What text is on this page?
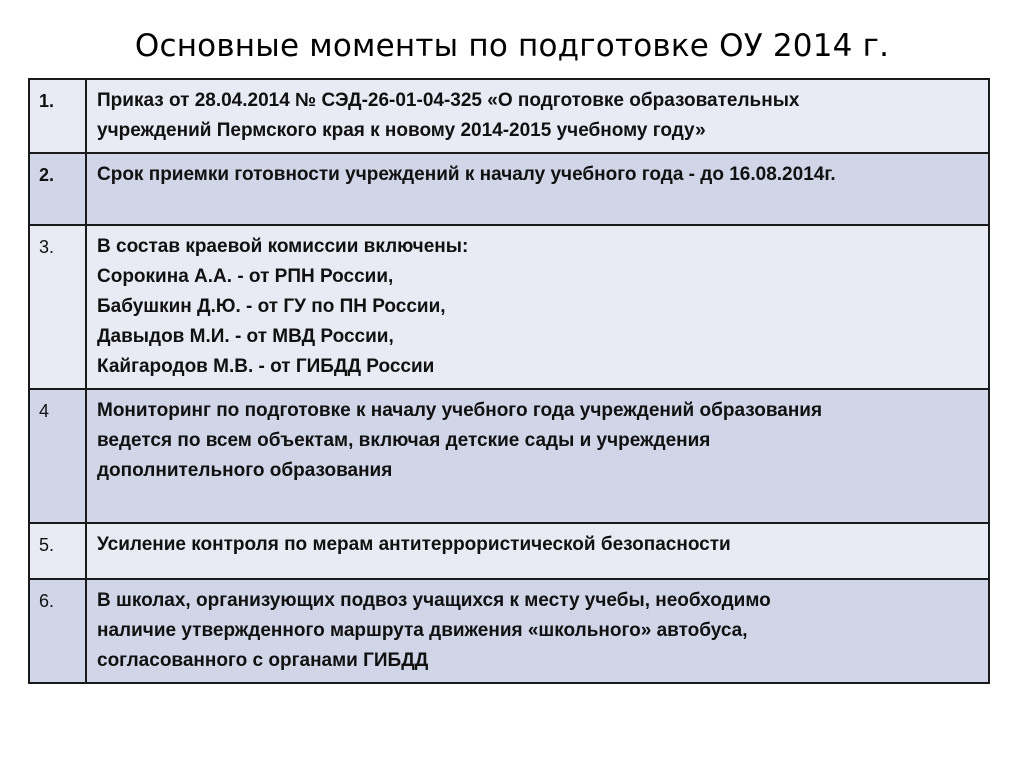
Основные моменты по подготовке ОУ 2014 г.
1.	Приказ от 28.04.2014 № СЭД-26-01-04-325 «О подготовке образовательных
учреждений Пермского края к новому 2014-2015 учебному году»

2.	Срок приемки готовности учреждений к началу учебного года - до 16.08.2014г.

3.	В состав краевой комиссии включены:
Сорокина А.А. - от РПН России,
Бабушкин Д.Ю. - от ГУ по ПН России,
Давыдов М.И. - от МВД России,
Кайгародов М.В. - от ГИБДД России

4	Мониторинг по подготовке к началу учебного года учреждений образования
ведется по всем объектам, включая детские сады и учреждения
дополнительного образования

5.	Усиление контроля по мерам антитеррористической безопасности

6.	В школах, организующих подвоз учащихся к месту учебы, необходимо
наличие утвержденного маршрута движения «школьного» автобуса,
согласованного с органами ГИБДД
